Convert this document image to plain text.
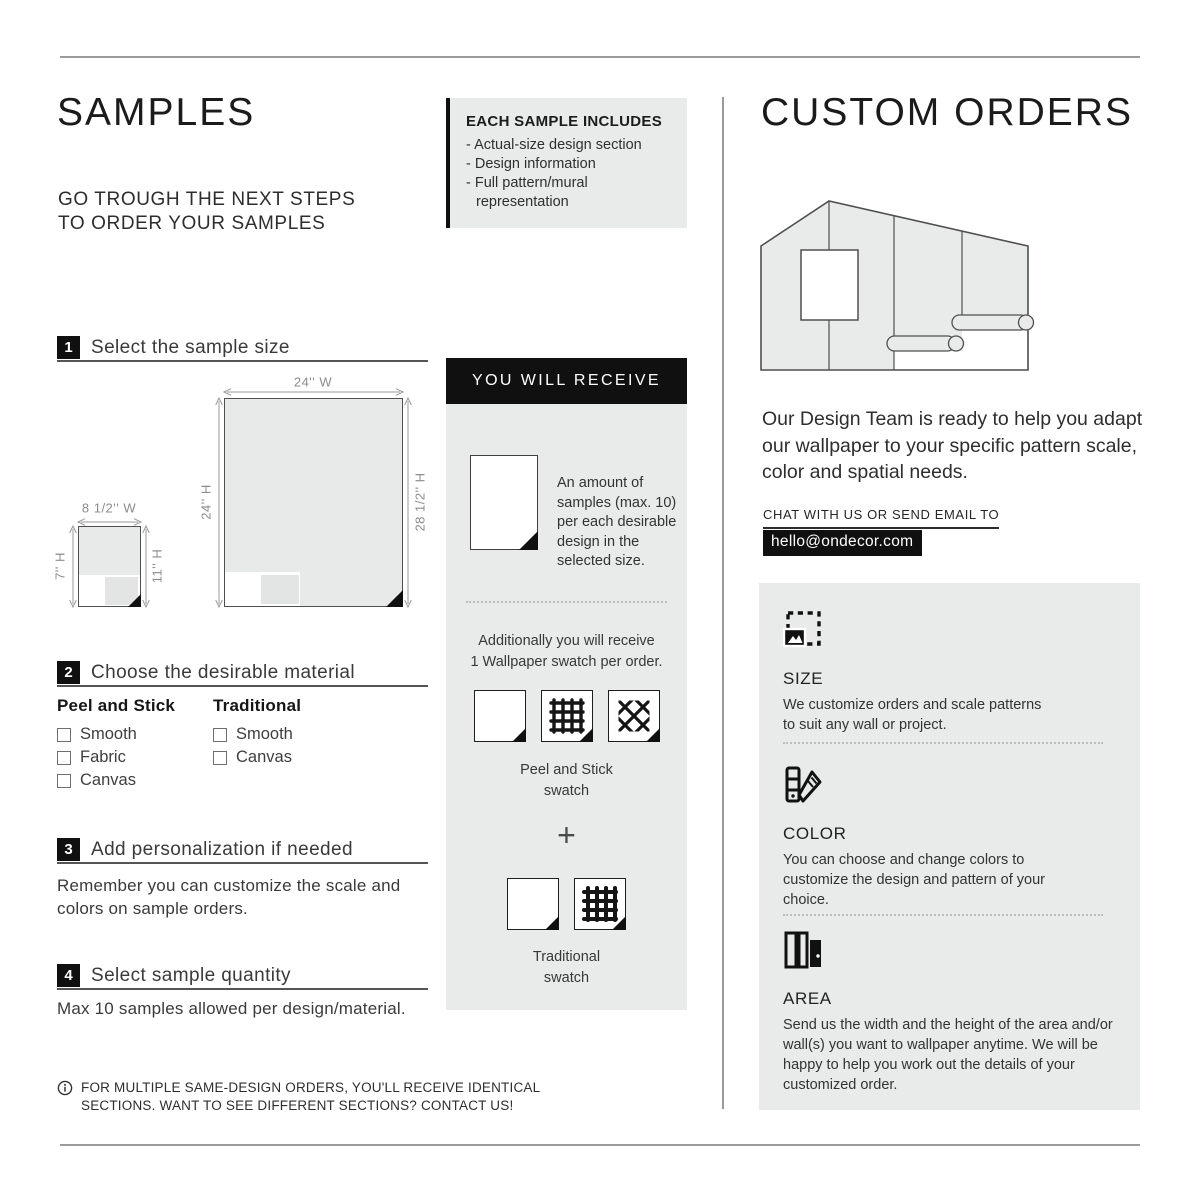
SAMPLES
GO TROUGH THE NEXT STEPS TO ORDER YOUR SAMPLES
1 Select the sample size
24'' W
24'' H	28 1/2'' H
8 1/2'' W
7'' H	11'' H
2 Choose the desirable material
Peel and Stick
Smooth
Fabric
Canvas
Traditional
Smooth
Canvas
3 Add personalization if needed
Remember you can customize the scale and colors on sample orders.
4 Select sample quantity
Max 10 samples allowed per design/material.
FOR MULTIPLE SAME-DESIGN ORDERS, YOU'LL RECEIVE IDENTICAL SECTIONS. WANT TO SEE DIFFERENT SECTIONS? CONTACT US!
EACH SAMPLE INCLUDES
- Actual-size design section
- Design information
- Full pattern/mural representation
YOU WILL RECEIVE
An amount of samples (max. 10) per each desirable design in the selected size.
Additionally you will receive
1 Wallpaper swatch per order.
Peel and Stick
swatch
+
Traditional
swatch
CUSTOM ORDERS
Our Design Team is ready to help you adapt our wallpaper to your specific pattern scale, color and spatial needs.
CHAT WITH US OR SEND EMAIL TO
hello@ondecor.com
SIZE
We customize orders and scale patterns to suit any wall or project.
COLOR
You can choose and change colors to customize the design and pattern of your choice.
AREA
Send us the width and the height of the area and/or wall(s) you want to wallpaper anytime. We will be happy to help you work out the details of your customized order.
